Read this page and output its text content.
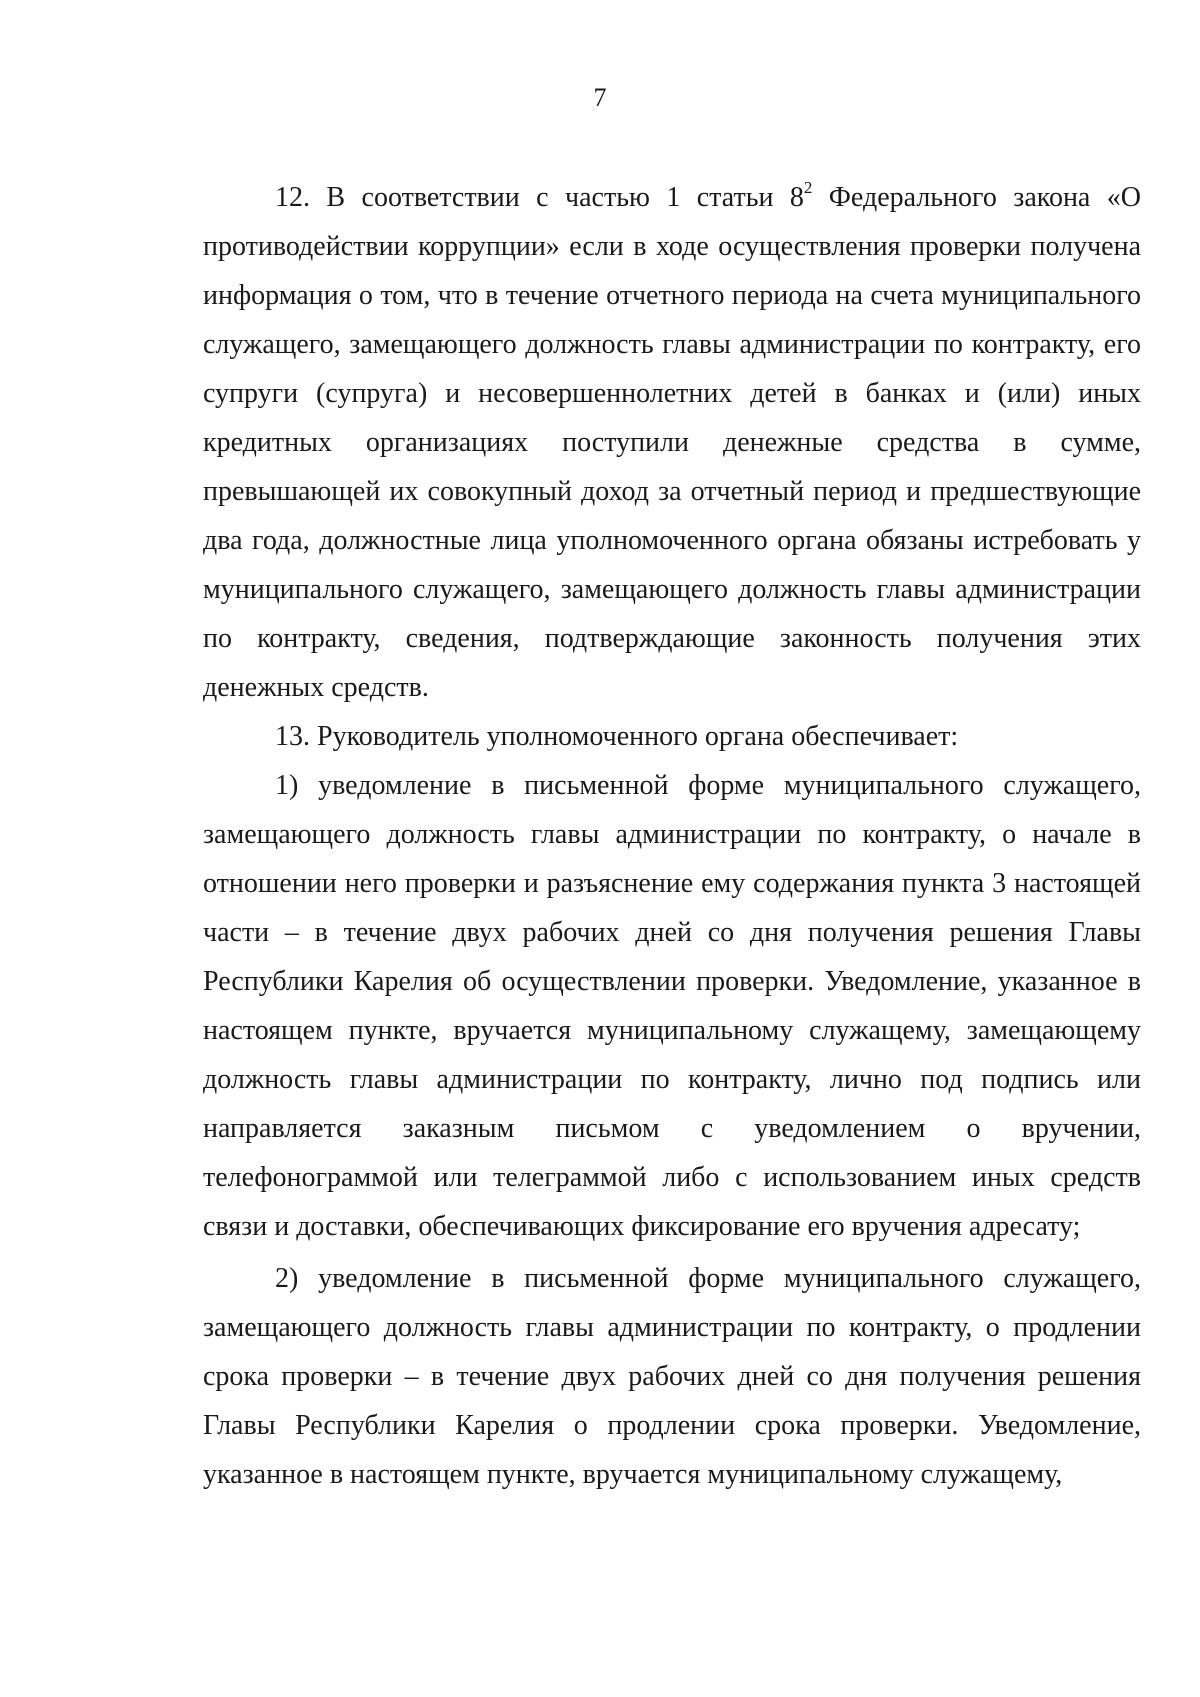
7

12. В соответствии с частью 1 статьи $8^2$ Федерального закона «О противодействии коррупции» если в ходе осуществления проверки получена информация о том, что в течение отчетного периода на счета муниципального служащего, замещающего должность главы администрации по контракту, его супруги (супруга) и несовершеннолетних детей в банках и (или) иных кредитных организациях поступили денежные средства в сумме, превышающей их совокупный доход за отчетный период и предшествующие два года, должностные лица уполномоченного органа обязаны истребовать у муниципального служащего, замещающего должность главы администрации по контракту, сведения, подтверждающие законность получения этих денежных средств.

13. Руководитель уполномоченного органа обеспечивает:

1) уведомление в письменной форме муниципального служащего, замещающего должность главы администрации по контракту, о начале в отношении него проверки и разъяснение ему содержания пункта 3 настоящей части – в течение двух рабочих дней со дня получения решения Главы Республики Карелия об осуществлении проверки. Уведомление, указанное в настоящем пункте, вручается муниципальному служащему, замещающему должность главы администрации по контракту, лично под подпись или направляется заказным письмом с уведомлением о вручении, телефонограммой или телеграммой либо с использованием иных средств связи и доставки, обеспечивающих фиксирование его вручения адресату;

2) уведомление в письменной форме муниципального служащего, замещающего должность главы администрации по контракту, о продлении срока проверки – в течение двух рабочих дней со дня получения решения Главы Республики Карелия о продлении срока проверки. Уведомление, указанное в настоящем пункте, вручается муниципальному служащему,
